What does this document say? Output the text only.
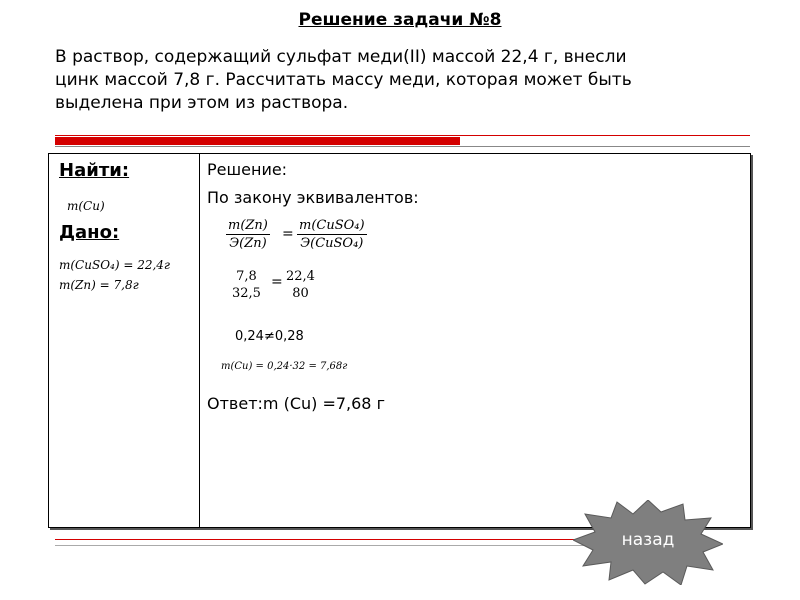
Решение задачи №8
В раствор, содержащий сульфат меди(II) массой 22,4 г, внесли
цинк массой 7,8 г. Рассчитать массу меди, которая может быть
выделена при этом из раствора.
Найти:
m(Cu)
Дано:
m(CuSO₄) = 22,4г
m(Zn) = 7,8г
Решение:
По закону эквивалентов:
m(Zn)
Э(Zn)
=
m(CuSO₄)
Э(CuSO₄)
7,8
32,5
= 22,4
80
0,24≠0,28
m(Cu) = 0,24·32 = 7,68г
Ответ:m (Cu) =7,68 г
назад
